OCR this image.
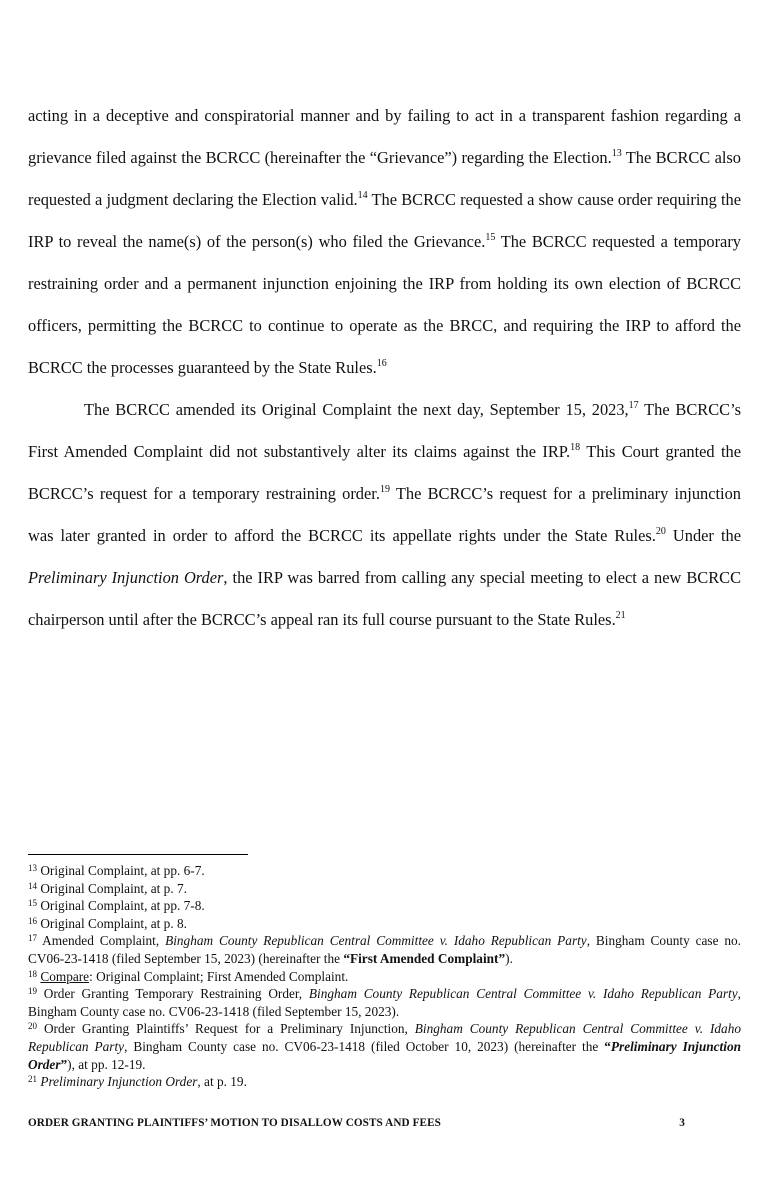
acting in a deceptive and conspiratorial manner and by failing to act in a transparent fashion regarding a grievance filed against the BCRCC (hereinafter the “Grievance”) regarding the Election.$^{13}$ The BCRCC also requested a judgment declaring the Election valid.$^{14}$ The BCRCC requested a show cause order requiring the IRP to reveal the name(s) of the person(s) who filed the Grievance.$^{15}$ The BCRCC requested a temporary restraining order and a permanent injunction enjoining the IRP from holding its own election of BCRCC officers, permitting the BCRCC to continue to operate as the BRCC, and requiring the IRP to afford the BCRCC the processes guaranteed by the State Rules.$^{16}$

The BCRCC amended its Original Complaint the next day, September 15, 2023,17 The BCRCC’s First Amended Complaint did not substantively alter its claims against the IRP.$^{18}$ This Court granted the BCRCC’s request for a temporary restraining order.$^{19}$ The BCRCC’s request for a preliminary injunction was later granted in order to afford the BCRCC its appellate rights under the State Rules.$^{20}$ Under the Preliminary Injunction Order, the IRP was barred from calling any special meeting to elect a new BCRCC chairperson until after the BCRCC’s appeal ran its full course pursuant to the State Rules.$^{21}$

$^{13}$ Original Complaint, at pp. 6-7.

$^{14}$ Original Complaint, at p. 7.

$^{15}$ Original Complaint, at pp. 7-8.

$^{16}$ Original Complaint, at p. 8.

$^{17}$ Amended Complaint, Bingham County Republican Central Committee v. Idaho Republican Party, Bingham County case no. CV06-23-1418 (filed September 15, 2023) (hereinafter the “First Amended Complaint”).

$^{18}$ Compare: Original Complaint; First Amended Complaint.

$^{19}$ Order Granting Temporary Restraining Order, Bingham County Republican Central Committee v. Idaho Republican Party, Bingham County case no. CV06-23-1418 (filed September 15, 2023).

$^{20}$ Order Granting Plaintiffs’ Request for a Preliminary Injunction, Bingham County Republican Central Committee v. Idaho Republican Party, Bingham County case no. CV06-23-1418 (filed October 10, 2023) (hereinafter the “Preliminary Injunction Order”), at pp. 12-19.

$^{21}$ Preliminary Injunction Order, at p. 19.

ORDER GRANTING PLAINTIFFS’ MOTION TO DISALLOW COSTS AND FEES	3
